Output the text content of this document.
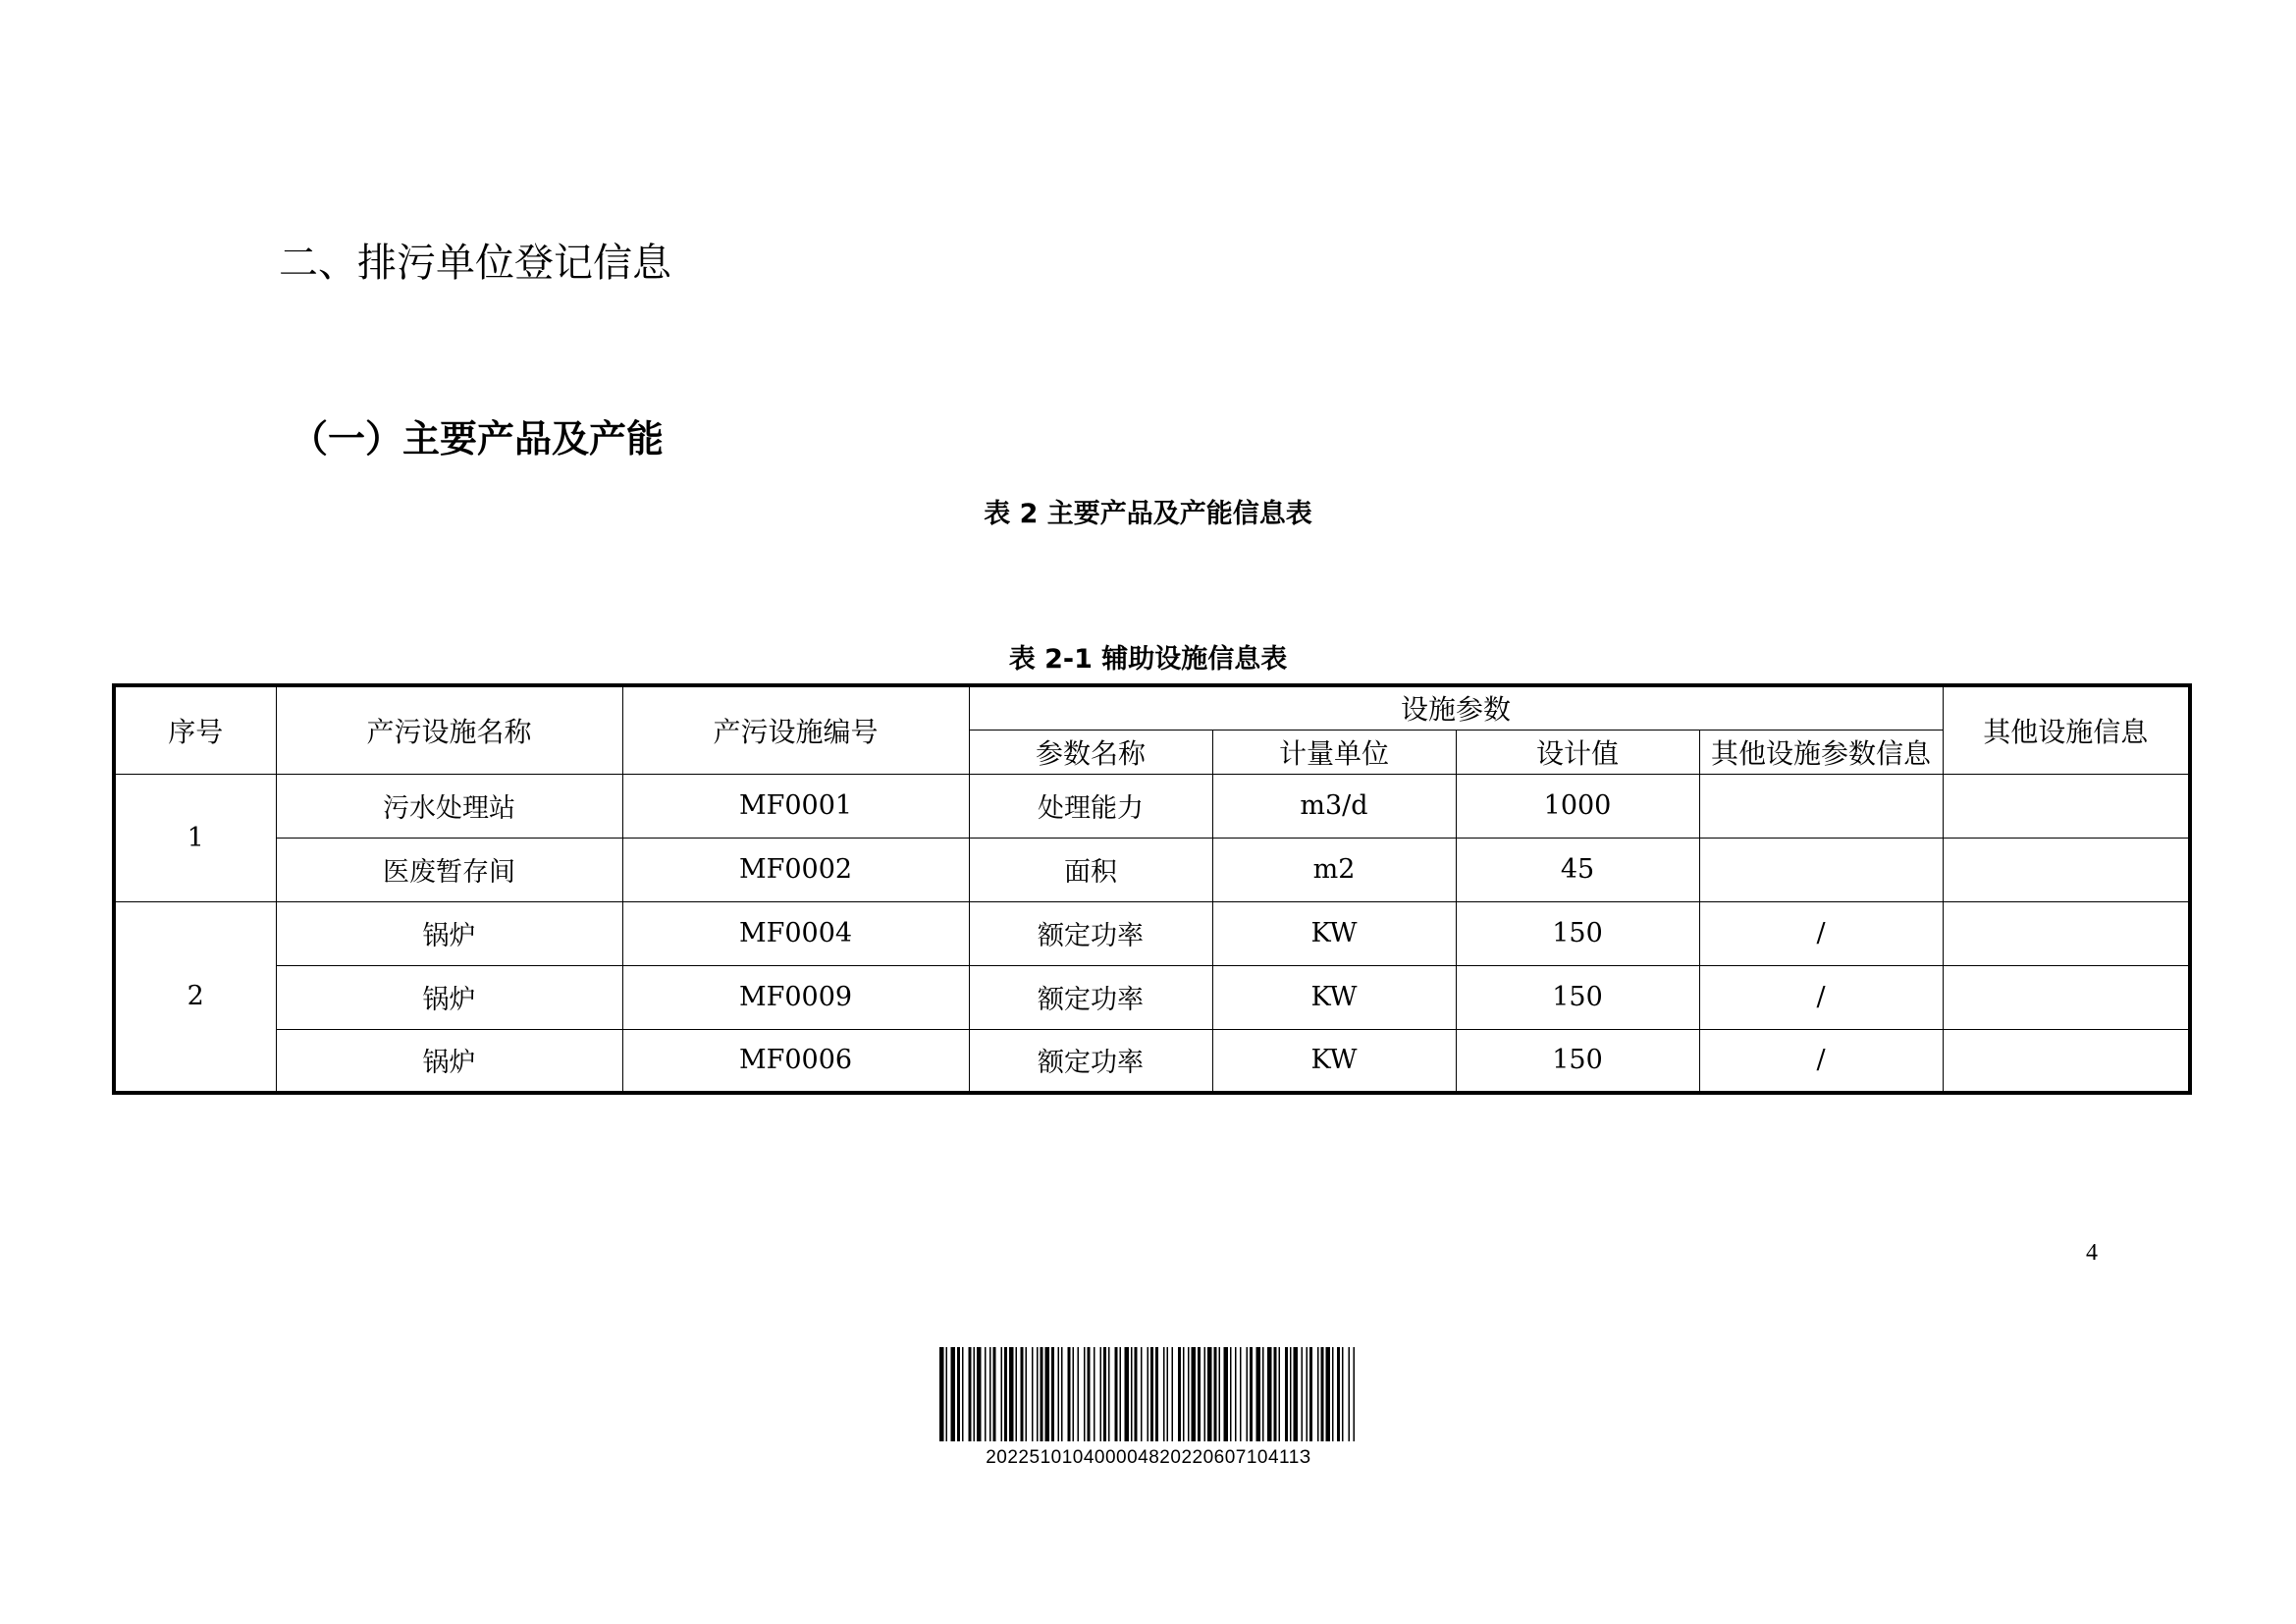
二、排污单位登记信息
（一）主要产品及产能
表 2 主要产品及产能信息表
表 2-1 辅助设施信息表
序号	产污设施名称	产污设施编号	设施参数				其他设施信息
			参数名称	计量单位	设计值	其他设施参数信息	
1	污水处理站	MF0001	处理能力	m3/d	1000		
	医废暂存间	MF0002	面积	m2	45		
2	锅炉	MF0004	额定功率	KW	150	/	
	锅炉	MF0009	额定功率	KW	150	/	
	锅炉	MF0006	额定功率	KW	150	/	
4
20225101040000482022060710411З
